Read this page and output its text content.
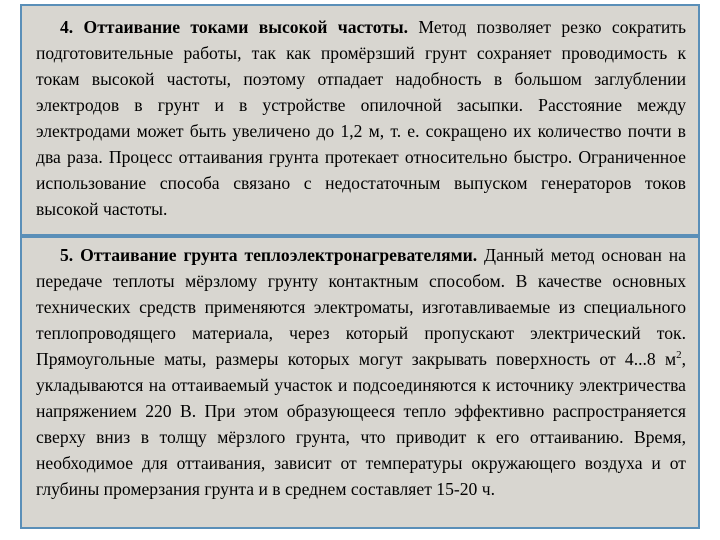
4. Оттаивание токами высокой частоты. Метод позволяет резко сократить подготовительные работы, так как промёрзший грунт сохраняет проводимость к токам высокой частоты, поэтому отпадает надобность в большом заглублении электродов в грунт и в устройстве опилочной засыпки. Расстояние между электродами может быть увеличено до 1,2 м, т. е. сокращено их количество почти в два раза. Процесс оттаивания грунта протекает относительно быстро. Ограниченное использование способа связано с недостаточным выпуском генераторов токов высокой частоты.

5. Оттаивание грунта теплоэлектронагревателями. Данный метод основан на передаче теплоты мёрзлому грунту контактным способом. В качестве основных технических средств применяются электроматы, изготавливаемые из специального теплопроводящего материала, через который пропускают электрический ток. Прямоугольные маты, размеры которых могут закрывать поверхность от 4...8 $м^2$, укладываются на оттаиваемый участок и подсоединяются к источнику электричества напряжением 220 В. При этом образующееся тепло эффективно распространяется сверху вниз в толщу мёрзлого грунта, что приводит к его оттаиванию. Время, необходимое для оттаивания, зависит от температуры окружающего воздуха и от глубины промерзания грунта и в среднем составляет 15-20 ч.
